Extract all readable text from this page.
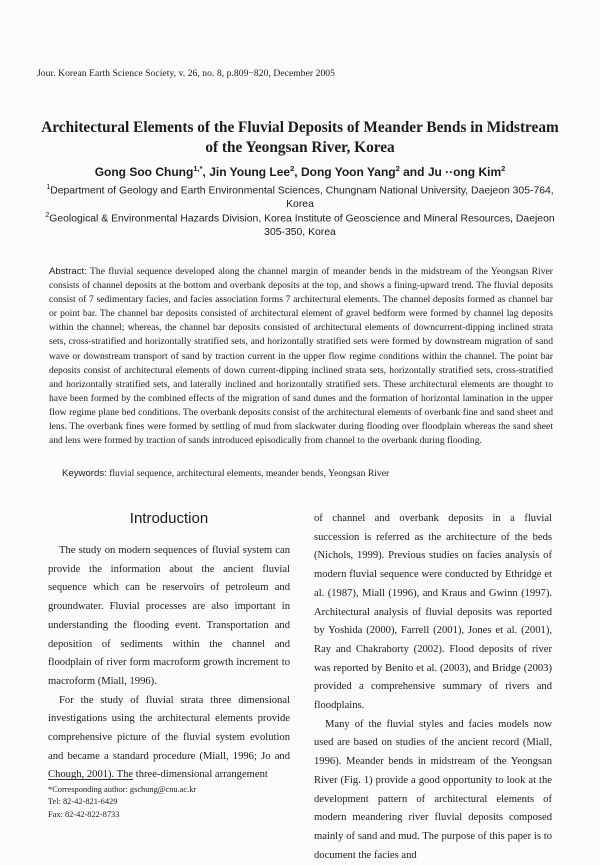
Jour. Korean Earth Science Society, v. 26, no. 8, p.809−820, December 2005
Architectural Elements of the Fluvial Deposits of Meander Bends in Midstream of the Yeongsan River, Korea
Gong Soo Chung$^{1,*}$, Jin Young Lee$^2$, Dong Yoon Yang$^2$ and Ju ··ong Kim$^2$
$^1$Department of Geology and Earth Environmental Sciences, Chungnam National University, Daejeon 305-764, Korea
$^2$Geological & Environmental Hazards Division, Korea Institute of Geoscience and Mineral Resources, Daejeon 305-350, Korea
Abstract: The fluvial sequence developed along the channel margin of meander bends in the midstream of the Yeongsan River consists of channel deposits at the bottom and overbank deposits at the top, and shows a fining-upward trend. The fluvial deposits consist of 7 sedimentary facies, and facies association forms 7 architectural elements. The channel deposits formed as channel bar or point bar. The channel bar deposits consisted of architectural element of gravel bedform were formed by channel lag deposits within the channel; whereas, the channel bar deposits consisted of architectural elements of downcurrent-dipping inclined strata sets, cross-stratified and horizontally stratified sets, and horizontally stratified sets were formed by downstream migration of sand wave or downstream transport of sand by traction current in the upper flow regime conditions within the channel. The point bar deposits consist of architectural elements of down current-dipping inclined strata sets, horizontally stratified sets, cross-stratified and horizontally stratified sets, and laterally inclined and horizontally stratified sets. These architectural elements are thought to have been formed by the combined effects of the migration of sand dunes and the formation of horizontal lamination in the upper flow regime plane bed conditions. The overbank deposits consist of the architectural elements of overbank fine and sand sheet and lens. The overbank fines were formed by settling of mud from slackwater during flooding over floodplain whereas the sand sheet and lens were formed by traction of sands introduced episodically from channel to the overbank during flooding.
Keywords: fluvial sequence, architectural elements, meander bends, Yeongsan River
Introduction

The study on modern sequences of fluvial system can provide the information about the ancient fluvial sequence which can be reservoirs of petroleum and groundwater. Fluvial processes are also important in understanding the flooding event. Transportation and deposition of sediments within the channel and floodplain of river form macroform growth increment to macroform (Miall, 1996).

For the study of fluvial strata three dimensional investigations using the architectural elements provide comprehensive picture of the fluvial system evolution and became a standard procedure (Miall, 1996; Jo and Chough, 2001). The three-dimensional arrangement

of channel and overbank deposits in a fluvial succession is referred as the architecture of the beds (Nichols, 1999). Previous studies on facies analysis of modern fluvial sequence were conducted by Ethridge et al. (1987), Miall (1996), and Kraus and Gwinn (1997). Architectural analysis of fluvial deposits was reported by Yoshida (2000), Farrell (2001), Jones et al. (2001), Ray and Chakraborty (2002). Flood deposits of river was reported by Benito et al. (2003), and Bridge (2003) provided a comprehensive summary of rivers and floodplains.

Many of the fluvial styles and facies models now used are based on studies of the ancient record (Miall, 1996). Meander bends in midstream of the Yeongsan River (Fig. 1) provide a good opportunity to look at the development pattern of architectural elements of modern meandering river fluvial deposits composed mainly of sand and mud. The purpose of this paper is to document the facies and

*Corresponding author: gschung@cnu.ac.kr
Tel: 82-42-821-6429
Fax: 82-42-822-8733
